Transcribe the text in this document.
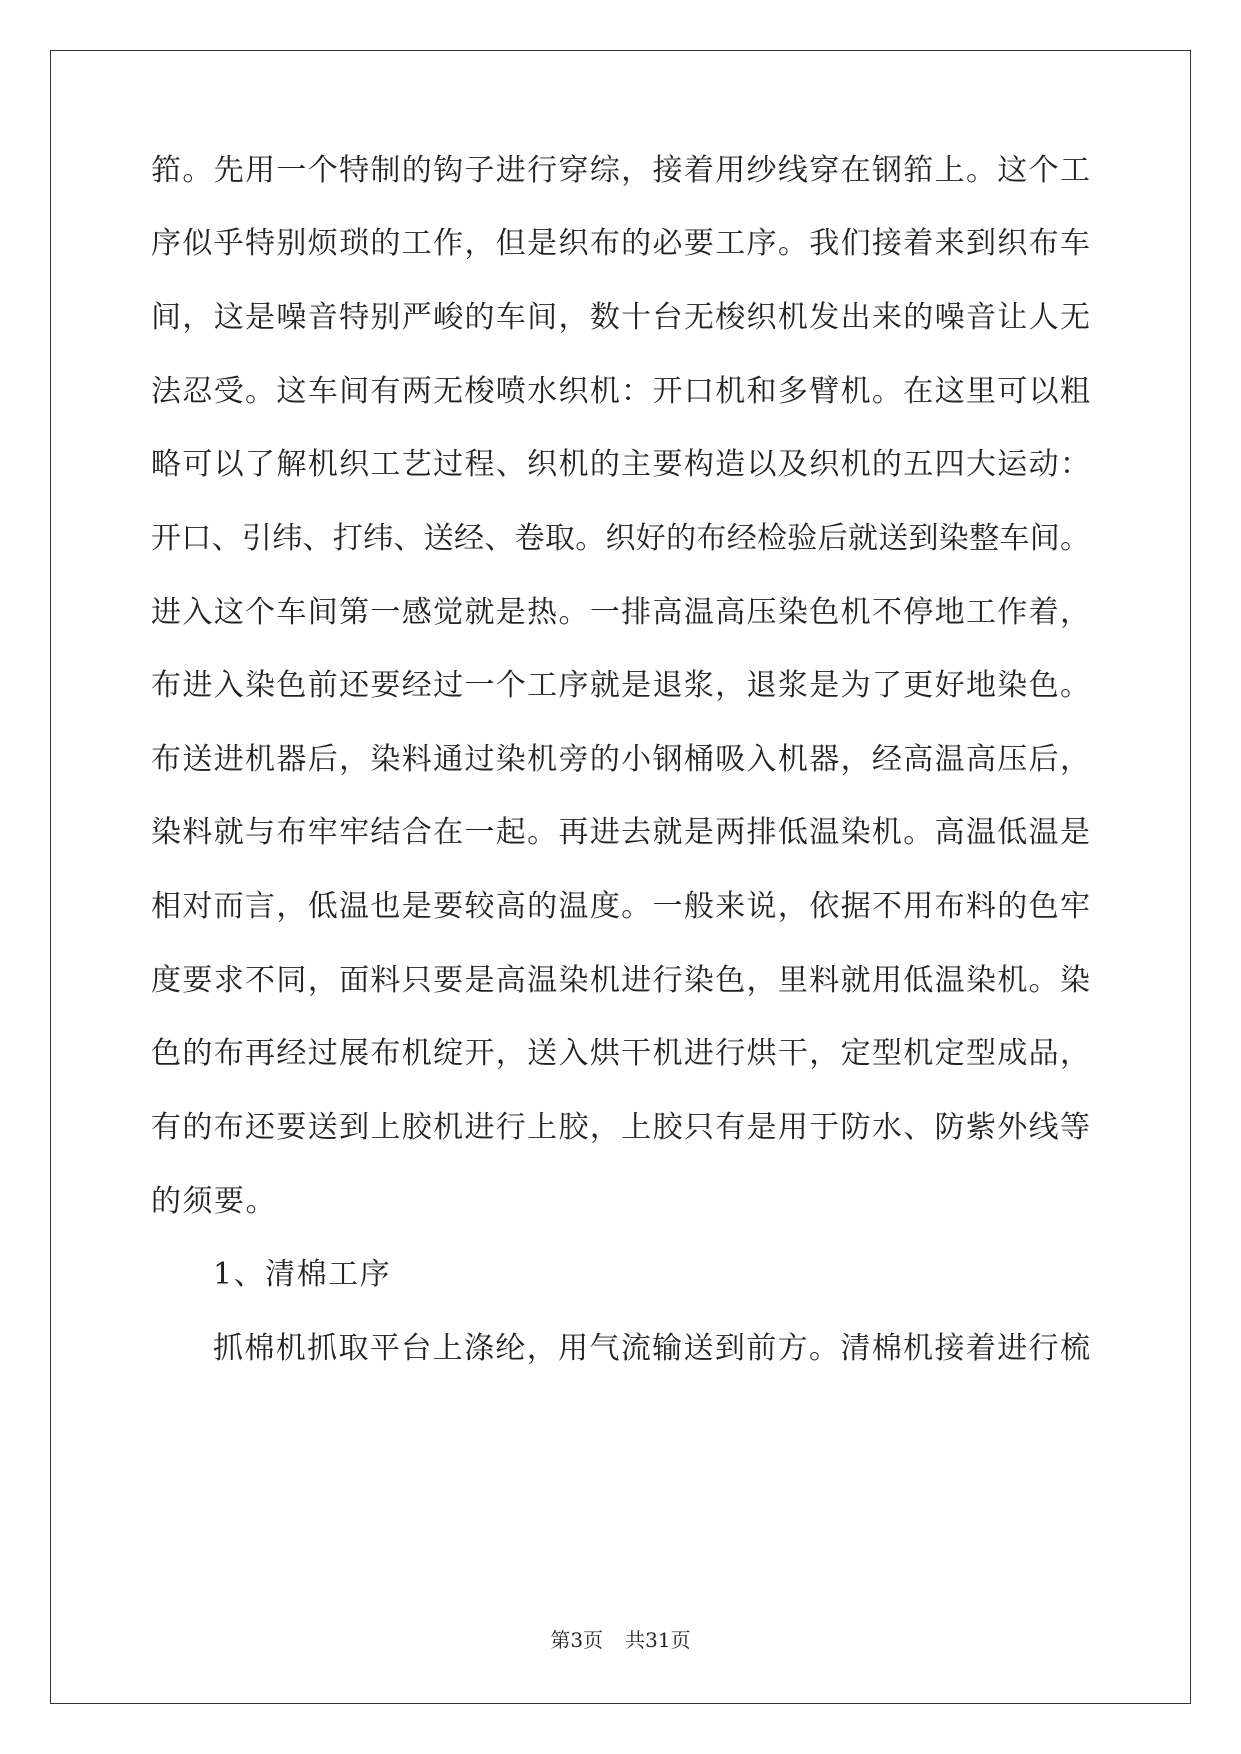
筘。先用一个特制的钩子进行穿综，接着用纱线穿在钢筘上。这个工
序似乎特别烦琐的工作，但是织布的必要工序。我们接着来到织布车
间，这是噪音特别严峻的车间，数十台无梭织机发出来的噪音让人无
法忍受。这车间有两无梭喷水织机：开口机和多臂机。在这里可以粗
略可以了解机织工艺过程、织机的主要构造以及织机的五四大运动：
开口、引纬、打纬、送经、卷取。织好的布经检验后就送到染整车间。
进入这个车间第一感觉就是热。一排高温高压染色机不停地工作着，
布进入染色前还要经过一个工序就是退浆，退浆是为了更好地染色。
布送进机器后，染料通过染机旁的小钢桶吸入机器，经高温高压后，
染料就与布牢牢结合在一起。再进去就是两排低温染机。高温低温是
相对而言，低温也是要较高的温度。一般来说，依据不用布料的色牢
度要求不同，面料只要是高温染机进行染色，里料就用低温染机。染
色的布再经过展布机绽开，送入烘干机进行烘干，定型机定型成品，
有的布还要送到上胶机进行上胶，上胶只有是用于防水、防紫外线等
的须要。
1、清棉工序
抓棉机抓取平台上涤纶，用气流输送到前方。清棉机接着进行梳
第3页 共31页
